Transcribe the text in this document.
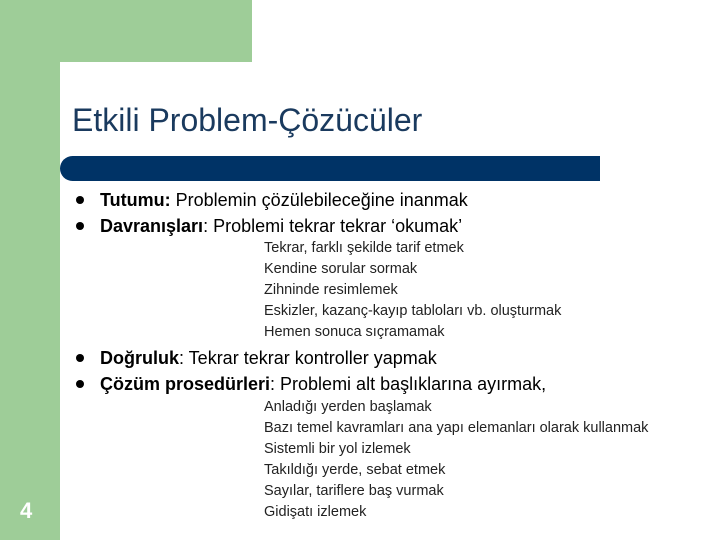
Etkili Problem-Çözücüler
Tutumu: Problemin çözülebileceğine inanmak
Davranışları: Problemi tekrar tekrar ‘okumak’
Tekrar, farklı şekilde tarif etmek
Kendine sorular sormak
Zihninde resimlemek
Eskizler, kazanç-kayıp tabloları vb. oluşturmak
Hemen sonuca sıçramamak
Doğruluk: Tekrar tekrar kontroller yapmak
Çözüm prosedürleri: Problemi alt başlıklarına ayırmak,
Anladığı yerden başlamak
Bazı temel kavramları ana yapı elemanları olarak kullanmak
Sistemli bir yol izlemek
Takıldığı yerde, sebat etmek
Sayılar, tariflere baş vurmak
Gidişatı izlemek
4
